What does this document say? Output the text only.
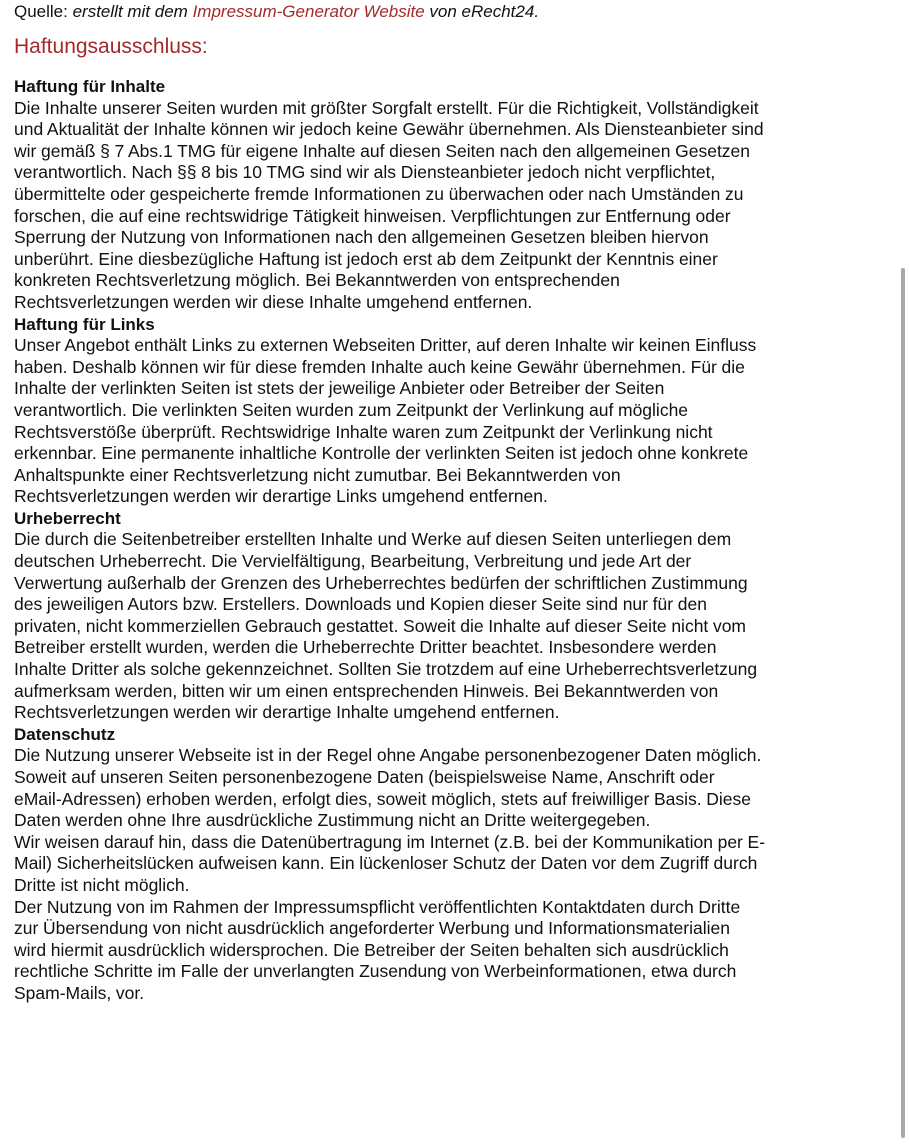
Quelle: erstellt mit dem Impressum-Generator Website von eRecht24.

Haftungsausschluss:
Haftung für Inhalte

Die Inhalte unserer Seiten wurden mit größter Sorgfalt erstellt. Für die Richtigkeit, Vollständigkeit
und Aktualität der Inhalte können wir jedoch keine Gewähr übernehmen. Als Diensteanbieter sind
wir gemäß § 7 Abs.1 TMG für eigene Inhalte auf diesen Seiten nach den allgemeinen Gesetzen
verantwortlich. Nach §§ 8 bis 10 TMG sind wir als Diensteanbieter jedoch nicht verpflichtet,
übermittelte oder gespeicherte fremde Informationen zu überwachen oder nach Umständen zu
forschen, die auf eine rechtswidrige Tätigkeit hinweisen. Verpflichtungen zur Entfernung oder
Sperrung der Nutzung von Informationen nach den allgemeinen Gesetzen bleiben hiervon
unberührt. Eine diesbezügliche Haftung ist jedoch erst ab dem Zeitpunkt der Kenntnis einer
konkreten Rechtsverletzung möglich. Bei Bekanntwerden von entsprechenden
Rechtsverletzungen werden wir diese Inhalte umgehend entfernen.

Haftung für Links

Unser Angebot enthält Links zu externen Webseiten Dritter, auf deren Inhalte wir keinen Einfluss
haben. Deshalb können wir für diese fremden Inhalte auch keine Gewähr übernehmen. Für die
Inhalte der verlinkten Seiten ist stets der jeweilige Anbieter oder Betreiber der Seiten
verantwortlich. Die verlinkten Seiten wurden zum Zeitpunkt der Verlinkung auf mögliche
Rechtsverstöße überprüft. Rechtswidrige Inhalte waren zum Zeitpunkt der Verlinkung nicht
erkennbar. Eine permanente inhaltliche Kontrolle der verlinkten Seiten ist jedoch ohne konkrete
Anhaltspunkte einer Rechtsverletzung nicht zumutbar. Bei Bekanntwerden von
Rechtsverletzungen werden wir derartige Links umgehend entfernen.

Urheberrecht

Die durch die Seitenbetreiber erstellten Inhalte und Werke auf diesen Seiten unterliegen dem
deutschen Urheberrecht. Die Vervielfältigung, Bearbeitung, Verbreitung und jede Art der
Verwertung außerhalb der Grenzen des Urheberrechtes bedürfen der schriftlichen Zustimmung
des jeweiligen Autors bzw. Erstellers. Downloads und Kopien dieser Seite sind nur für den
privaten, nicht kommerziellen Gebrauch gestattet. Soweit die Inhalte auf dieser Seite nicht vom
Betreiber erstellt wurden, werden die Urheberrechte Dritter beachtet. Insbesondere werden
Inhalte Dritter als solche gekennzeichnet. Sollten Sie trotzdem auf eine Urheberrechtsverletzung
aufmerksam werden, bitten wir um einen entsprechenden Hinweis. Bei Bekanntwerden von
Rechtsverletzungen werden wir derartige Inhalte umgehend entfernen.

Datenschutz

Die Nutzung unserer Webseite ist in der Regel ohne Angabe personenbezogener Daten möglich.
Soweit auf unseren Seiten personenbezogene Daten (beispielsweise Name, Anschrift oder
eMail-Adressen) erhoben werden, erfolgt dies, soweit möglich, stets auf freiwilliger Basis. Diese
Daten werden ohne Ihre ausdrückliche Zustimmung nicht an Dritte weitergegeben.

Wir weisen darauf hin, dass die Datenübertragung im Internet (z.B. bei der Kommunikation per E-
Mail) Sicherheitslücken aufweisen kann. Ein lückenloser Schutz der Daten vor dem Zugriff durch
Dritte ist nicht möglich.

Der Nutzung von im Rahmen der Impressumspflicht veröffentlichten Kontaktdaten durch Dritte
zur Übersendung von nicht ausdrücklich angeforderter Werbung und Informationsmaterialien
wird hiermit ausdrücklich widersprochen. Die Betreiber der Seiten behalten sich ausdrücklich
rechtliche Schritte im Falle der unverlangten Zusendung von Werbeinformationen, etwa durch
Spam-Mails, vor.
